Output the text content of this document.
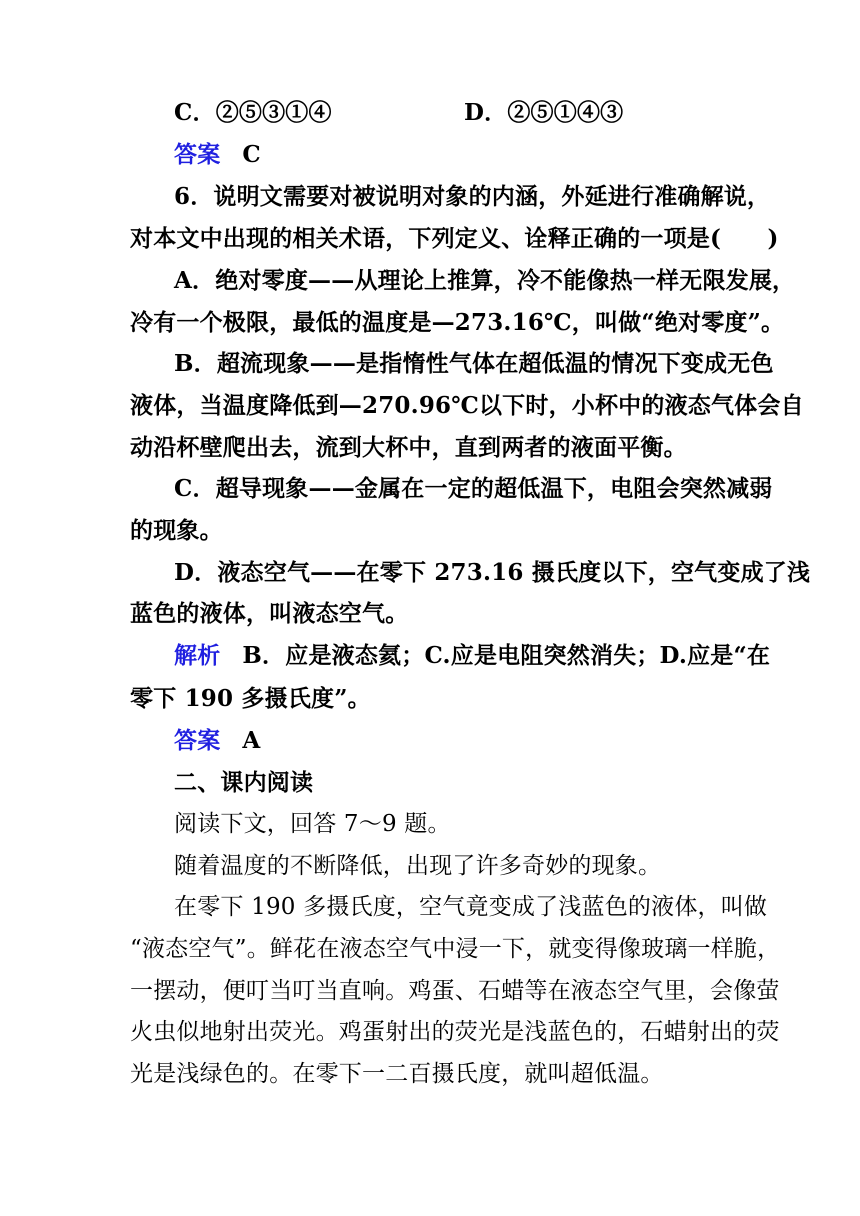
C．②⑤③①④	D．②⑤①④③
答案 C
6．说明文需要对被说明对象的内涵，外延进行准确解说，
对本文中出现的相关术语，下列定义、诠释正确的一项是(　　)
A．绝对零度——从理论上推算，冷不能像热一样无限发展，
冷有一个极限，最低的温度是—273.16℃，叫做“绝对零度”。
B．超流现象——是指惰性气体在超低温的情况下变成无色
液体，当温度降低到—270.96℃以下时，小杯中的液态气体会自
动沿杯壁爬出去，流到大杯中，直到两者的液面平衡。
C．超导现象——金属在一定的超低温下，电阻会突然减弱
的现象。
D．液态空气——在零下 273.16 摄氏度以下，空气变成了浅
蓝色的液体，叫液态空气。
解析 B．应是液态氦；C.应是电阻突然消失；D.应是“在
零下 190 多摄氏度”。
答案 A
二、课内阅读
阅读下文，回答 7～9 题。
随着温度的不断降低，出现了许多奇妙的现象。
在零下 190 多摄氏度，空气竟变成了浅蓝色的液体，叫做
“液态空气”。鲜花在液态空气中浸一下，就变得像玻璃一样脆，
一摆动，便叮当叮当直响。鸡蛋、石蜡等在液态空气里，会像萤
火虫似地射出荧光。鸡蛋射出的荧光是浅蓝色的，石蜡射出的荧
光是浅绿色的。在零下一二百摄氏度，就叫超低温。
